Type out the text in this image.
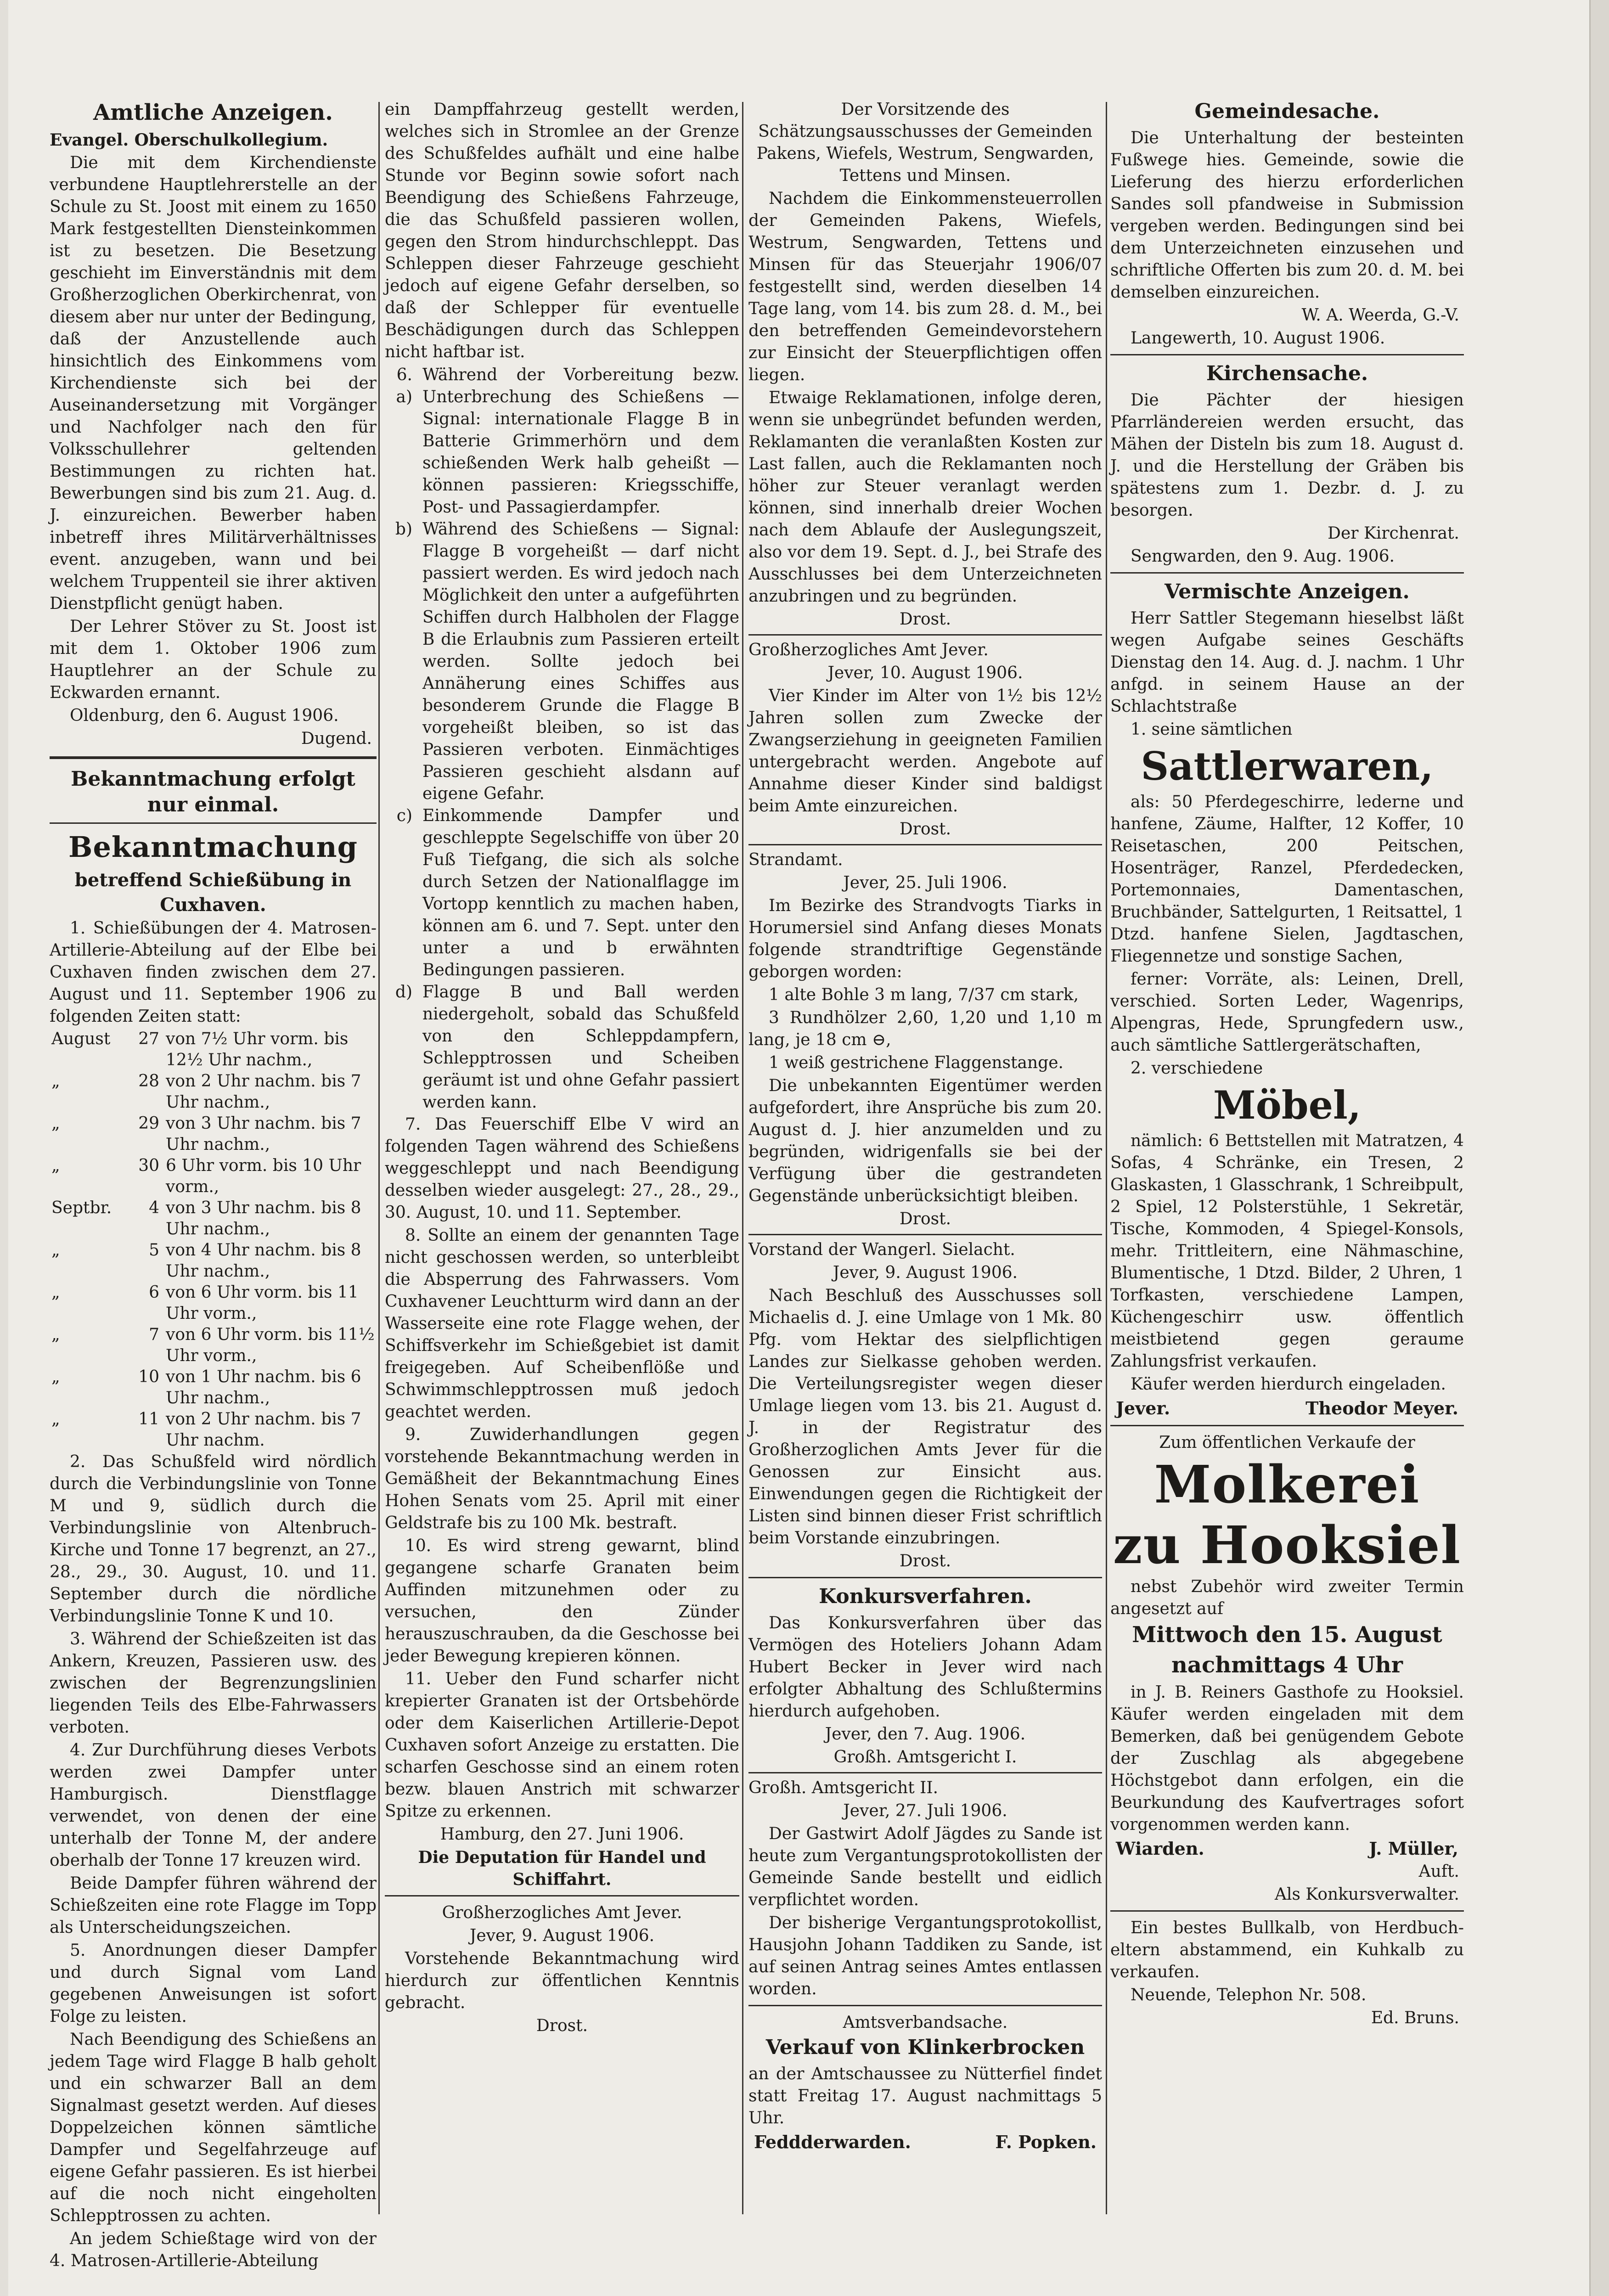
Amtliche Anzeigen.
Evangel. Oberschulkollegium.

Die mit dem Kirchendienste verbundene Hauptlehrerstelle an der Schule zu St. Joost mit einem zu 1650 Mark festgestellten Diensteinkommen ist zu besetzen. Die Besetzung geschieht im Einverständnis mit dem Großherzoglichen Oberkirchenrat, von diesem aber nur unter der Bedingung, daß der Anzustellende auch hinsichtlich des Einkommens vom Kirchendienste sich bei der Auseinandersetzung mit Vorgänger und Nachfolger nach den für Volksschullehrer geltenden Bestimmungen zu richten hat. Bewerbungen sind bis zum 21. Aug. d. J. einzureichen. Bewerber haben inbetreff ihres Militärverhältnisses event. anzugeben, wann und bei welchem Truppenteil sie ihrer aktiven Dienstpflicht genügt haben.

Der Lehrer Stöver zu St. Joost ist mit dem 1. Oktober 1906 zum Hauptlehrer an der Schule zu Eckwarden ernannt.

Oldenburg, den 6. August 1906.

Dugend.

Bekanntmachung erfolgt nur einmal.
Bekanntmachung
betreffend Schießübung in Cuxhaven.

1. Schießübungen der 4. Matrosen-Artillerie-Abteilung auf der Elbe bei Cuxhaven finden zwischen dem 27. August und 11. September 1906 zu folgenden Zeiten statt:

August	27 von 7½ Uhr vorm. bis 12½ Uhr nachm.,
„	28 von 2 Uhr nachm. bis 7 Uhr nachm.,
„	29 von 3 Uhr nachm. bis 7 Uhr nachm.,
„	30 6 Uhr vorm. bis 10 Uhr vorm.,
Septbr.	4 von 3 Uhr nachm. bis 8 Uhr nachm.,
„	5 von 4 Uhr nachm. bis 8 Uhr nachm.,
„	6 von 6 Uhr vorm. bis 11 Uhr vorm.,
„	7 von 6 Uhr vorm. bis 11½ Uhr vorm.,
„	10 von 1 Uhr nachm. bis 6 Uhr nachm.,
„	11 von 2 Uhr nachm. bis 7 Uhr nachm.

2. Das Schußfeld wird nördlich durch die Verbindungslinie von Tonne M und 9, südlich durch die Verbindungslinie von Altenbruch-Kirche und Tonne 17 begrenzt, an 27., 28., 29., 30. August, 10. und 11. September durch die nördliche Verbindungslinie Tonne K und 10.

3. Während der Schießzeiten ist das Ankern, Kreuzen, Passieren usw. des zwischen der Begrenzungslinien liegenden Teils des Elbe-Fahrwassers verboten.

4. Zur Durchführung dieses Verbots werden zwei Dampfer unter Hamburgisch. Dienstflagge verwendet, von denen der eine unterhalb der Tonne M, der andere oberhalb der Tonne 17 kreuzen wird.

Beide Dampfer führen während der Schießzeiten eine rote Flagge im Topp als Unterscheidungszeichen.

5. Anordnungen dieser Dampfer und durch Signal vom Land gegebenen Anweisungen ist sofort Folge zu leisten.

Nach Beendigung des Schießens an jedem Tage wird Flagge B halb geholt und ein schwarzer Ball an dem Signalmast gesetzt werden. Auf dieses Doppelzeichen können sämtliche Dampfer und Segelfahrzeuge auf eigene Gefahr passieren. Es ist hierbei auf die noch nicht eingeholten Schlepptrossen zu achten.

An jedem Schießtage wird von der 4. Matrosen-Artillerie-Abteilung

ein Dampffahrzeug gestellt werden, welches sich in Stromlee an der Grenze des Schußfeldes aufhält und eine halbe Stunde vor Beginn sowie sofort nach Beendigung des Schießens Fahrzeuge, die das Schußfeld passieren wollen, gegen den Strom hindurchschleppt. Das Schleppen dieser Fahrzeuge geschieht jedoch auf eigene Gefahr derselben, so daß der Schlepper für eventuelle Beschädigungen durch das Schleppen nicht haftbar ist.

6. a)
Während der Vorbereitung bezw. Unterbrechung des Schießens — Signal: internationale Flagge B in Batterie Grimmerhörn und dem schießenden Werk halb geheißt — können passieren: Kriegsschiffe, Post- und Passagierdampfer.
b) Während des Schießens — Signal: Flagge B vorgeheißt — darf nicht passiert werden. Es wird jedoch nach Möglichkeit den unter a aufgeführten Schiffen durch Halbholen der Flagge B die Erlaubnis zum Passieren erteilt werden. Sollte jedoch bei Annäherung eines Schiffes aus besonderem Grunde die Flagge B vorgeheißt bleiben, so ist das Passieren verboten. Einmächtiges Passieren geschieht alsdann auf eigene Gefahr.
c) Einkommende Dampfer und geschleppte Segelschiffe von über 20 Fuß Tiefgang, die sich als solche durch Setzen der Nationalflagge im Vortopp kenntlich zu machen haben, können am 6. und 7. Sept. unter den unter a und b erwähnten Bedingungen passieren.
d) Flagge B und Ball werden niedergeholt, sobald das Schußfeld von den Schleppdampfern, Schlepptrossen und Scheiben geräumt ist und ohne Gefahr passiert werden kann.

7. Das Feuerschiff Elbe V wird an folgenden Tagen während des Schießens weggeschleppt und nach Beendigung desselben wieder ausgelegt: 27., 28., 29., 30. August, 10. und 11. September.

8. Sollte an einem der genannten Tage nicht geschossen werden, so unterbleibt die Absperrung des Fahrwassers. Vom Cuxhavener Leuchtturm wird dann an der Wasserseite eine rote Flagge wehen, der Schiffsverkehr im Schießgebiet ist damit freigegeben. Auf Scheibenflöße und Schwimmschlepptrossen muß jedoch geachtet werden.

9. Zuwiderhandlungen gegen vorstehende Bekanntmachung werden in Gemäßheit der Bekanntmachung Eines Hohen Senats vom 25. April mit einer Geldstrafe bis zu 100 Mk. bestraft.

10. Es wird streng gewarnt, blind gegangene scharfe Granaten beim Auffinden mitzunehmen oder zu versuchen, den Zünder herauszuschrauben, da die Geschosse bei jeder Bewegung krepieren können.

11. Ueber den Fund scharfer nicht krepierter Granaten ist der Ortsbehörde oder dem Kaiserlichen Artillerie-Depot Cuxhaven sofort Anzeige zu erstatten. Die scharfen Geschosse sind an einem roten bezw. blauen Anstrich mit schwarzer Spitze zu erkennen.

Hamburg, den 27. Juni 1906.

Die Deputation für Handel und Schiffahrt.

Großherzogliches Amt Jever.

Jever, 9. August 1906.

Vorstehende Bekanntmachung wird hierdurch zur öffentlichen Kenntnis gebracht.

Drost.

Der Vorsitzende des Schätzungsausschusses der Gemeinden Pakens, Wiefels, Westrum, Sengwarden, Tettens und Minsen.

Nachdem die Einkommensteuerrollen der Gemeinden Pakens, Wiefels, Westrum, Sengwarden, Tettens und Minsen für das Steuerjahr 1906/07 festgestellt sind, werden dieselben 14 Tage lang, vom 14. bis zum 28. d. M., bei den betreffenden Gemeindevorstehern zur Einsicht der Steuerpflichtigen offen liegen.

Etwaige Reklamationen, infolge deren, wenn sie unbegründet befunden werden, Reklamanten die veranlaßten Kosten zur Last fallen, auch die Reklamanten noch höher zur Steuer veranlagt werden können, sind innerhalb dreier Wochen nach dem Ablaufe der Auslegungszeit, also vor dem 19. Sept. d. J., bei Strafe des Ausschlusses bei dem Unterzeichneten anzubringen und zu begründen.

Drost.

Großherzogliches Amt Jever.

Jever, 10. August 1906.

Vier Kinder im Alter von 1½ bis 12½ Jahren sollen zum Zwecke der Zwangserziehung in geeigneten Familien untergebracht werden. Angebote auf Annahme dieser Kinder sind baldigst beim Amte einzureichen.

Drost.

Strandamt.

Jever, 25. Juli 1906.

Im Bezirke des Strandvogts Tiarks in Horumersiel sind Anfang dieses Monats folgende strandtriftige Gegenstände geborgen worden:

1 alte Bohle 3 m lang, 7/37 cm stark,

3 Rundhölzer 2,60, 1,20 und 1,10 m lang, je 18 cm ⊖,

1 weiß gestrichene Flaggenstange.

Die unbekannten Eigentümer werden aufgefordert, ihre Ansprüche bis zum 20. August d. J. hier anzumelden und zu begründen, widrigenfalls sie bei der Verfügung über die gestrandeten Gegenstände unberücksichtigt bleiben.

Drost.

Vorstand der Wangerl. Sielacht.

Jever, 9. August 1906.

Nach Beschluß des Ausschusses soll Michaelis d. J. eine Umlage von 1 Mk. 80 Pfg. vom Hektar des sielpflichtigen Landes zur Sielkasse gehoben werden. Die Verteilungsregister wegen dieser Umlage liegen vom 13. bis 21. August d. J. in der Registratur des Großherzoglichen Amts Jever für die Genossen zur Einsicht aus. Einwendungen gegen die Richtigkeit der Listen sind binnen dieser Frist schriftlich beim Vorstande einzubringen.

Drost.

Konkursverfahren.

Das Konkursverfahren über das Vermögen des Hoteliers Johann Adam Hubert Becker in Jever wird nach erfolgter Abhaltung des Schlußtermins hierdurch aufgehoben.

Jever, den 7. Aug. 1906.

Großh. Amtsgericht I.

Großh. Amtsgericht II.

Jever, 27. Juli 1906.

Der Gastwirt Adolf Jägdes zu Sande ist heute zum Vergantungsprotokollisten der Gemeinde Sande bestellt und eidlich verpflichtet worden.

Der bisherige Vergantungsprotokollist, Hausjohn Johann Taddiken zu Sande, ist auf seinen Antrag seines Amtes entlassen worden.

Amtsverbandsache.

Verkauf von Klinkerbrocken

an der Amtschaussee zu Nütterfiel findet statt Freitag 17. August nachmittags 5 Uhr.

Feddderwarden.	F. Popken.
Gemeindesache.

Die Unterhaltung der besteinten Fußwege hies. Gemeinde, sowie die Lieferung des hierzu erforderlichen Sandes soll pfandweise in Submission vergeben werden. Bedingungen sind bei dem Unterzeichneten einzusehen und schriftliche Offerten bis zum 20. d. M. bei demselben einzureichen.

W. A. Weerda, G.-V.

Langewerth, 10. August 1906.

Kirchensache.

Die Pächter der hiesigen Pfarrländereien werden ersucht, das Mähen der Disteln bis zum 18. August d. J. und die Herstellung der Gräben bis spätestens zum 1. Dezbr. d. J. zu besorgen.

Der Kirchenrat.

Sengwarden, den 9. Aug. 1906.

Vermischte Anzeigen.

Herr Sattler Stegemann hieselbst läßt wegen Aufgabe seines Geschäfts Dienstag den 14. Aug. d. J. nachm. 1 Uhr anfgd. in seinem Hause an der Schlachtstraße

1. seine sämtlichen

Sattlerwaren,

als: 50 Pferdegeschirre, lederne und hanfene, Zäume, Halfter, 12 Koffer, 10 Reisetaschen, 200 Peitschen, Hosenträger, Ranzel, Pferdedecken, Portemonnaies, Damentaschen, Bruchbänder, Sattelgurten, 1 Reitsattel, 1 Dtzd. hanfene Sielen, Jagdtaschen, Fliegennetze und sonstige Sachen,

ferner: Vorräte, als: Leinen, Drell, verschied. Sorten Leder, Wagenrips, Alpengras, Hede, Sprungfedern usw., auch sämtliche Sattlergerätschaften,

2. verschiedene

Möbel,

nämlich: 6 Bettstellen mit Matratzen, 4 Sofas, 4 Schränke, ein Tresen, 2 Glaskasten, 1 Glasschrank, 1 Schreibpult, 2 Spiel, 12 Polsterstühle, 1 Sekretär, Tische, Kommoden, 4 Spiegel-Konsols, mehr. Trittleitern, eine Nähmaschine, Blumentische, 1 Dtzd. Bilder, 2 Uhren, 1 Torfkasten, verschiedene Lampen, Küchengeschirr usw. öffentlich meistbietend gegen geraume Zahlungsfrist verkaufen.

Käufer werden hierdurch eingeladen.

Jever.	Theodor Meyer.

Zum öffentlichen Verkaufe der

Molkerei
zu Hooksiel

nebst Zubehör wird zweiter Termin angesetzt auf

Mittwoch den 15. August
nachmittags 4 Uhr

in J. B. Reiners Gasthofe zu Hooksiel. Käufer werden eingeladen mit dem Bemerken, daß bei genügendem Gebote der Zuschlag als abgegebene Höchstgebot dann erfolgen, ein die Beurkundung des Kaufvertrages sofort vorgenommen werden kann.

Wiarden.	J. Müller,

Auft.

Als Konkursverwalter.

Ein bestes Bullkalb, von Herdbuch-eltern abstammend, ein Kuhkalb zu verkaufen.

Neuende, Telephon Nr. 508.

Ed. Bruns.
